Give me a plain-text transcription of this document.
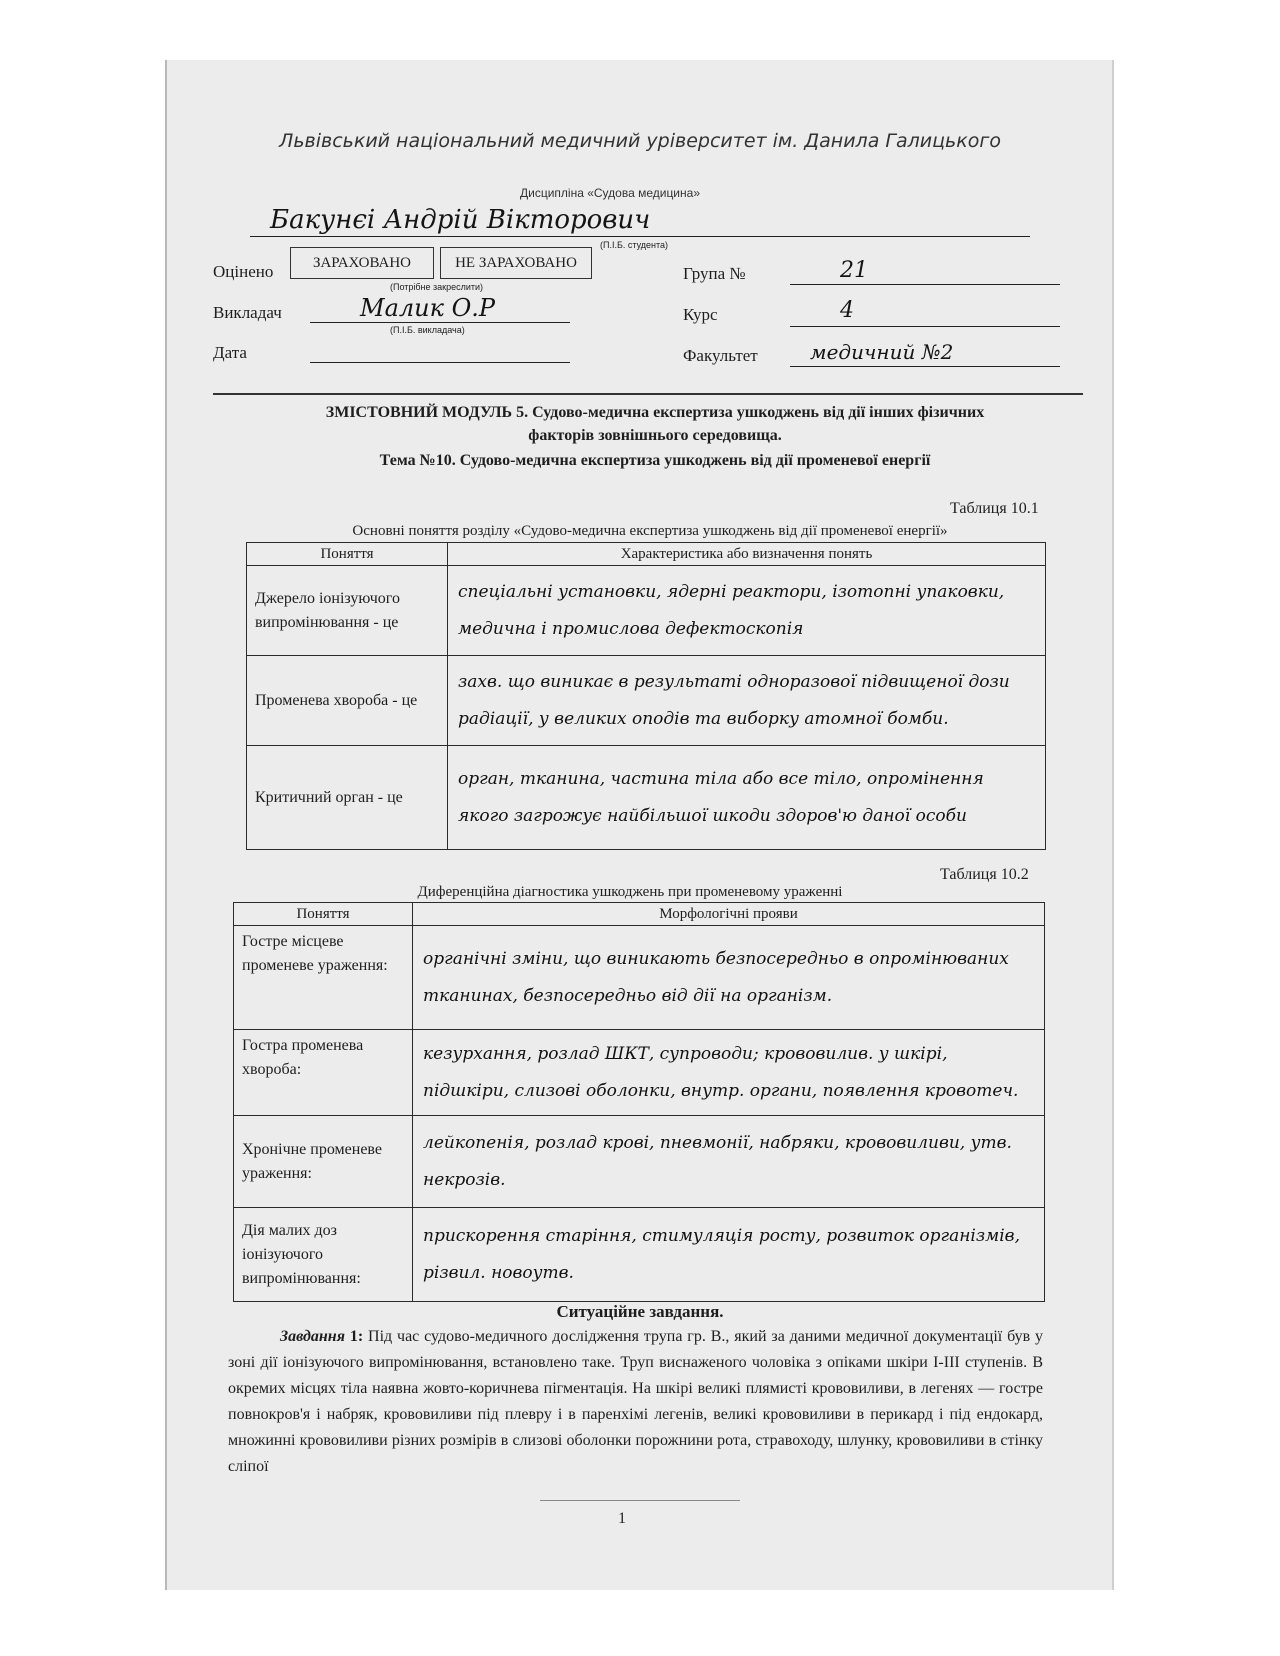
Львівський національний медичний уріверситет ім. Данила Галицького
Дисципліна «Судова медицина»
Бакунєі Андрій Вікторович
(П.І.Б. студента)
Оцінено	ЗАРАХОВАНО	НЕ ЗАРАХОВАНО
(Потрібне закреслити)
Викладач	Малик О.Р
(П.І.Б. викладача)
Дата
Група №	21
Курс	4
Факультет	медичний №2
ЗМІСТОВНИЙ МОДУЛЬ 5. Судово-медична експертиза ушкоджень від дії інших фізичних
факторів зовнішнього середовища.
Тема №10. Судово-медична експертиза ушкоджень від дії променевої енергії
Таблиця 10.1
Основні поняття розділу «Судово-медична експертиза ушкоджень від дії променевої енергії»
Поняття	Характеристика або визначення понять
Джерело іонізуючого випромінювання - це	спеціальні установки, ядерні реактори, ізотопні упаковки, медична і промислова дефектоскопія
Променева хвороба - це	захв. що виникає в результаті одноразової підвищеної дози радіації, у великих оподів та виборку атомної бомби.
Критичний орган - це	орган, тканина, частина тіла або все тіло, опромінення якого загрожує найбільшої шкоди здоров'ю даної особи
Таблиця 10.2
Диференційна діагностика ушкоджень при променевому ураженні
Поняття	Морфологічні прояви
Гостре місцеве променеве ураження:	органічні зміни, що виникають безпосередньо в опромінюваних тканинах, безпосередньо від дії на організм.
Гостра променева хвороба:	кезурхання, розлад ШКТ, супроводи; крововилив. у шкірі, підшкіри, слизові оболонки, внутр. органи, появлення кровотеч.
Хронічне променеве ураження:	лейкопенія, розлад крові, пневмонії, набряки, крововиливи, утв. некрозів.
Дія малих доз іонізуючого випромінювання:	прискорення старіння, стимуляція росту, розвиток організмів, різвил. новоутв.
Ситуаційне завдання.
Завдання 1: Під час судово-медичного дослідження трупа гр. В., який за даними медичної документації був у зоні дії іонізуючого випромінювання, встановлено таке. Труп виснаженого чоловіка з опіками шкіри І-ІІІ ступенів. В окремих місцях тіла наявна жовто-коричнева пігментація. На шкірі великі плямисті крововиливи, в легенях — гостре повнокров'я і набряк, крововиливи під плевру і в паренхімі легенів, великі крововиливи в перикард і під ендокард, множинні крововиливи різних розмірів в слизові оболонки порожнини рота, стравоходу, шлунку, крововиливи в стінку сліпої
1
